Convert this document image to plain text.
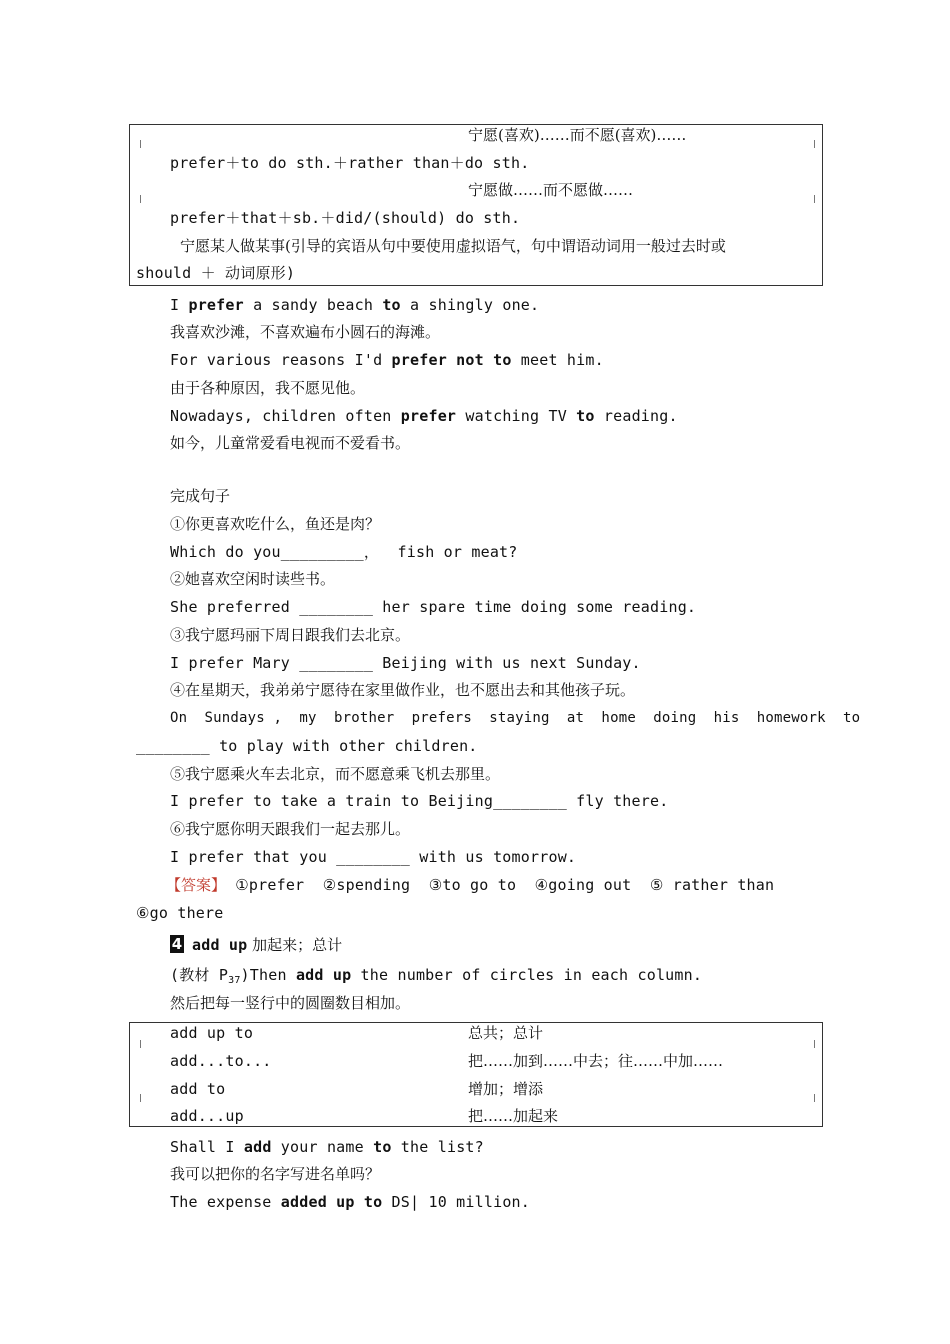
宁愿(喜欢)……而不愿(喜欢)……
prefer＋to do sth.＋rather than＋do sth.
宁愿做……而不愿做……
prefer＋that＋sb.＋did/(should) do sth.
宁愿某人做某事(引导的宾语从句中要使用虚拟语气，句中谓语动词用一般过去时或
should ＋ 动词原形)
I prefer a sandy beach to a shingly one.
我喜欢沙滩，不喜欢遍布小圆石的海滩。
For various reasons I'd prefer not to meet him.
由于各种原因，我不愿见他。
Nowadays, children often prefer watching TV to reading.
如今，儿童常爱看电视而不爱看书。
完成句子
①你更喜欢吃什么，鱼还是肉？
Which do you_________，  fish or meat?
②她喜欢空闲时读些书。
She preferred ________ her spare time doing some reading.
③我宁愿玛丽下周日跟我们去北京。
I prefer Mary ________ Beijing with us next Sunday.
④在星期天，我弟弟宁愿待在家里做作业，也不愿出去和其他孩子玩。
On  Sundays ,  my  brother  prefers  staying  at  home  doing  his  homework  to
________ to play with other children.
⑤我宁愿乘火车去北京，而不愿意乘飞机去那里。
I prefer to take a train to Beijing________ fly there.
⑥我宁愿你明天跟我们一起去那儿。
I prefer that you ________ with us tomorrow.
【答案】 ①prefer  ②spending  ③to go to  ④going out  ⑤ rather than
⑥go there
4 add up 加起来；总计
(教材 $P_{37})Then$ add up the number of circles in each column.
然后把每一竖行中的圆圈数目相加。
add up to	总共；总计
add...to...	把……加到……中去；往……中加……
add to	增加；增添
add...up	把……加起来
Shall I add your name to the list?
我可以把你的名字写进名单吗？
The expense added up to DS| 10 million.
